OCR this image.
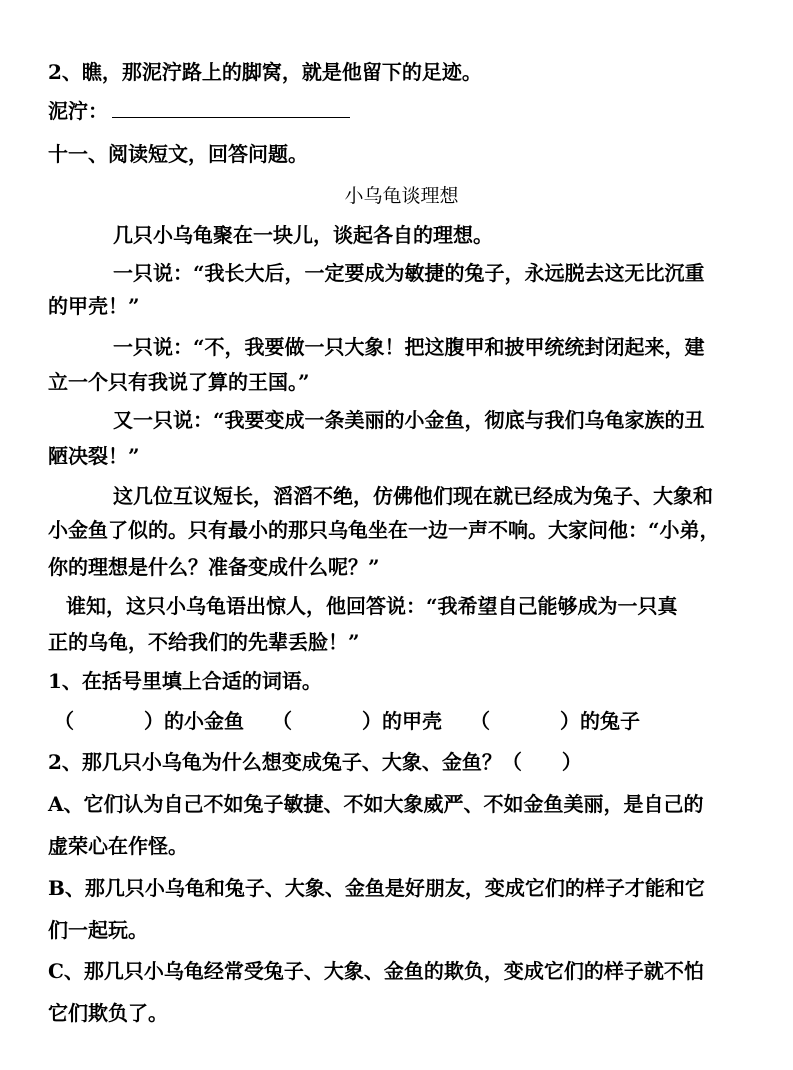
2、瞧，那泥泞路上的脚窝，就是他留下的足迹。
泥泞：
十一、阅读短文，回答问题。
小乌龟谈理想
几只小乌龟聚在一块儿，谈起各自的理想。
一只说：“我长大后，一定要成为敏捷的兔子，永远脱去这无比沉重
的甲壳！”
一只说：“不，我要做一只大象！把这腹甲和披甲统统封闭起来，建
立一个只有我说了算的王国。”
又一只说：“我要变成一条美丽的小金鱼，彻底与我们乌龟家族的丑
陋决裂！”
这几位互议短长，滔滔不绝，仿佛他们现在就已经成为兔子、大象和
小金鱼了似的。只有最小的那只乌龟坐在一边一声不响。大家问他：“小弟，
你的理想是什么？准备变成什么呢？”
谁知，这只小乌龟语出惊人，他回答说：“我希望自己能够成为一只真
正的乌龟，不给我们的先辈丢脸！”
1、在括号里填上合适的词语。
（	）的小金鱼 （	）的甲壳 （	）的兔子
2、那几只小乌龟为什么想变成兔子、大象、金鱼？（　　）
A、它们认为自己不如兔子敏捷、不如大象威严、不如金鱼美丽，是自己的
虚荣心在作怪。
B、那几只小乌龟和兔子、大象、金鱼是好朋友，变成它们的样子才能和它
们一起玩。
C、那几只小乌龟经常受兔子、大象、金鱼的欺负，变成它们的样子就不怕
它们欺负了。
